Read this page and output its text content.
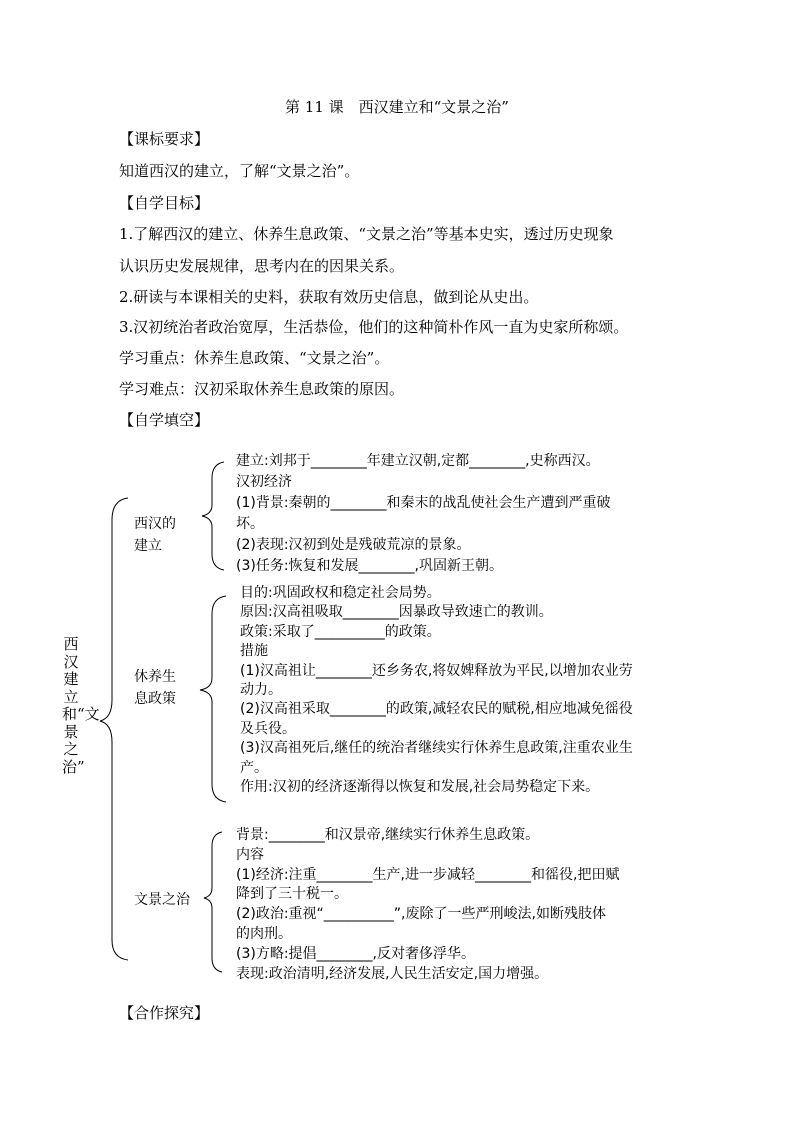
第 11 课　西汉建立和“文景之治”
【课标要求】
知道西汉的建立，了解“文景之治”。
【自学目标】
1.了解西汉的建立、休养生息政策、“文景之治”等基本史实，透过历史现象
认识历史发展规律，思考内在的因果关系。
2.研读与本课相关的史料，获取有效历史信息，做到论从史出。
3.汉初统治者政治宽厚，生活恭俭，他们的这种简朴作风一直为史家所称颂。
学习重点：休养生息政策、“文景之治”。
学习难点：汉初采取休养生息政策的原因。
【自学填空】
西汉建立和“文景之治”
西汉的
建立
建立:刘邦于________年建立汉朝,定都________,史称西汉。
汉初经济
(1)背景:秦朝的________和秦末的战乱使社会生产遭到严重破
坏。
(2)表现:汉初到处是残破荒凉的景象。
(3)任务:恢复和发展________,巩固新王朝。
休养生
息政策
目的:巩固政权和稳定社会局势。
原因:汉高祖吸取________因暴政导致速亡的教训。
政策:采取了__________的政策。
措施
(1)汉高祖让________还乡务农,将奴婢释放为平民,以增加农业劳
动力。
(2)汉高祖采取________的政策,减轻农民的赋税,相应地减免徭役
及兵役。
(3)汉高祖死后,继任的统治者继续实行休养生息政策,注重农业生
产。
作用:汉初的经济逐渐得以恢复和发展,社会局势稳定下来。
文景之治
背景:________和汉景帝,继续实行休养生息政策。
内容
(1)经济:注重________生产,进一步减轻________和徭役,把田赋
降到了三十税一。
(2)政治:重视“__________”,废除了一些严刑峻法,如断残肢体
的肉刑。
(3)方略:提倡________,反对奢侈浮华。
表现:政治清明,经济发展,人民生活安定,国力增强。
【合作探究】
